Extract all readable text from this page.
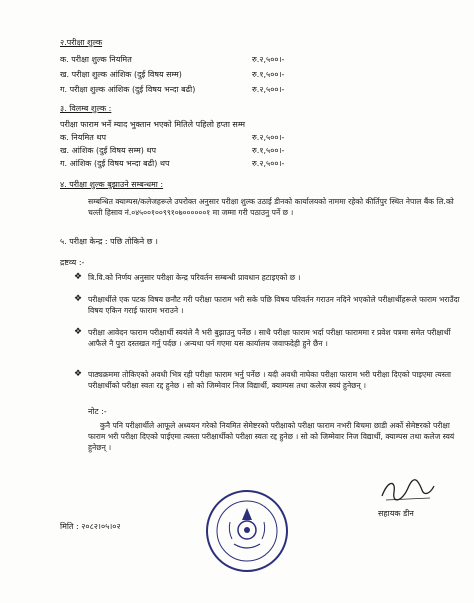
२.परीक्षा शुल्क
क. परीक्षा शुल्क नियमित	रु.२,५००।-
ख. परीक्षा शुल्क आंशिक (दुई विषय सम्म)	रु.१,५००।-
ग. परीक्षा शुल्क आंशिक (दुई विषय भन्दा बढी)	रु.२,५००।-
३. विलम्ब शुल्क :
परीक्षा फाराम भर्ने म्याद भुक्तान भएको मितिले पहिलो हप्ता सम्म
क. नियमित थप	रु.२,५००।-
ख. आंशिक (दुई विषय सम्म) थप	रु.१,५००।-
ग. आंशिक (दुई विषय भन्दा बढी) थप	रु.२,५००।-
४. परीक्षा शुल्क बुझाउने सम्बन्धमा :
सम्बन्धित क्याम्पस/कलेजहरूले उपरोक्त अनुसार परीक्षा शुल्क उठाई डीनको कार्यालयको नाममा रहेको कीर्तिपुर स्थित नेपाल बैंक लि.को चल्ती हिसाव नं.०४५००१००९९१०७००००००१ मा जम्मा गरी पठाउनु पर्ने छ ।
५. परीक्षा केन्द्र : पछि तोकिने छ ।
द्रष्टव्य :-
❖ त्रि.वि.को निर्णय अनुसार परीक्षा केन्द्र परिवर्तन सम्बन्धी प्रावधान हटाइएको छ ।
❖ परीक्षार्थीले एक पटक विषय छनौट गरी परीक्षा फाराम भरी सके पछि विषय परिवर्तन गराउन नदिने भएकोले परीक्षार्थीहरूले फाराम भराउँदा विषय एकिन गराई फाराम भराउने ।
❖ परीक्षा आवेदन फाराम परीक्षार्थी स्वयंले नै भरी बुझाउनु पर्नेछ । साथै परीक्षा फाराम भर्दा परीक्षा फाराममा र प्रवेश पत्रमा समेत परीक्षार्थी आफैले नै पुरा दस्तखत गर्नु पर्दछ । अन्यथा पर्न गएमा यस कार्यालय जवाफदेही हुने छैन ।
❖ पाठ्यक्रममा तोकिएको अवधी भित्र रही परीक्षा फाराम भर्नु पर्नेछ । यदी अवधी नाघेका परीक्षा फाराम भरी परीक्षा दिएको पाइएमा त्यस्ता परीक्षार्थीको परीक्षा स्वतः रद्द हुनेछ । सो को जिम्मेवार निज विद्यार्थी, क्याम्पस तथा कलेज स्वयं हुनेछन् ।
नोट :-
कुनै पनि परीक्षार्थीले आफूले अध्ययन गरेको नियमित सेमेष्टरको परीक्षाको परीक्षा फाराम नभरी बिचमा छाडी अर्को सेमेष्टरको परीक्षा फाराम भरी परीक्षा दिएको पाईएमा त्यस्ता परीक्षार्थीको परीक्षा स्वतः रद्द हुनेछ । सो को जिम्मेवार निज विद्यार्थी, क्याम्पस तथा कलेज स्वयं हुनेछन् ।
मिति : २०८२।०५।०२
सहायक डीन
